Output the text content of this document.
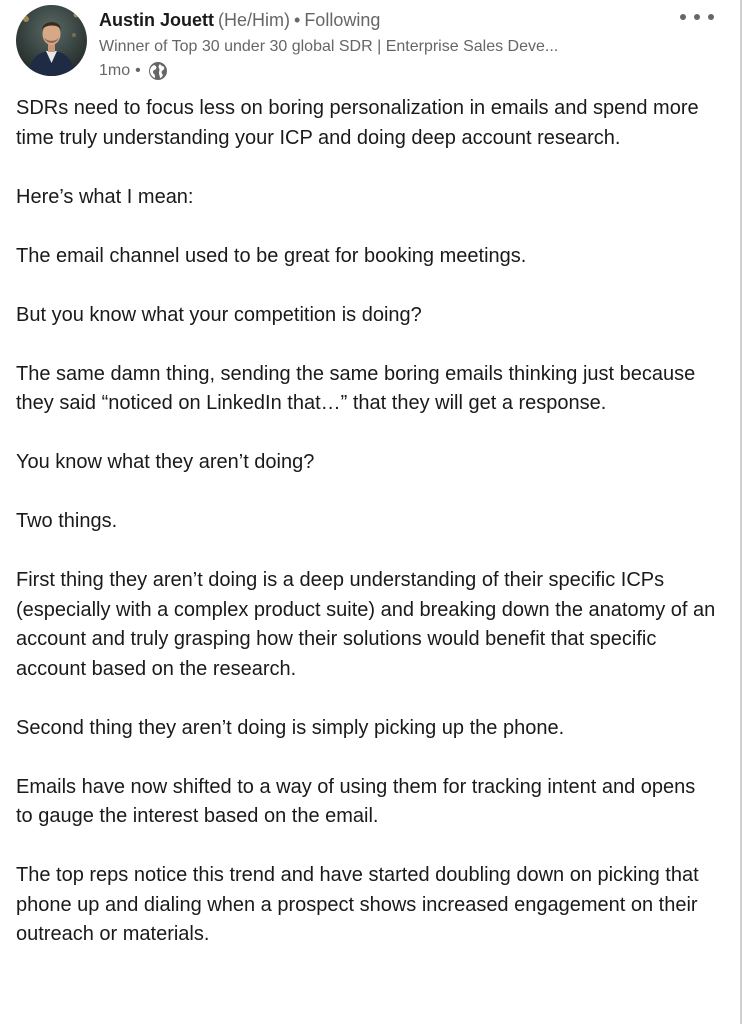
Austin Jouett (He/Him) • Following
Winner of Top 30 under 30 global SDR | Enterprise Sales Deve...
1mo •

SDRs need to focus less on boring personalization in emails and spend more time truly understanding your ICP and doing deep account research.

Here’s what I mean:

The email channel used to be great for booking meetings.

But you know what your competition is doing?

The same damn thing, sending the same boring emails thinking just because they said “noticed on LinkedIn that…” that they will get a response.

You know what they aren’t doing?

Two things.

First thing they aren’t doing is a deep understanding of their specific ICPs (especially with a complex product suite) and breaking down the anatomy of an account and truly grasping how their solutions would benefit that specific account based on the research.

Second thing they aren’t doing is simply picking up the phone.

Emails have now shifted to a way of using them for tracking intent and opens to gauge the interest based on the email.

The top reps notice this trend and have started doubling down on picking that phone up and dialing when a prospect shows increased engagement on their outreach or materials.
